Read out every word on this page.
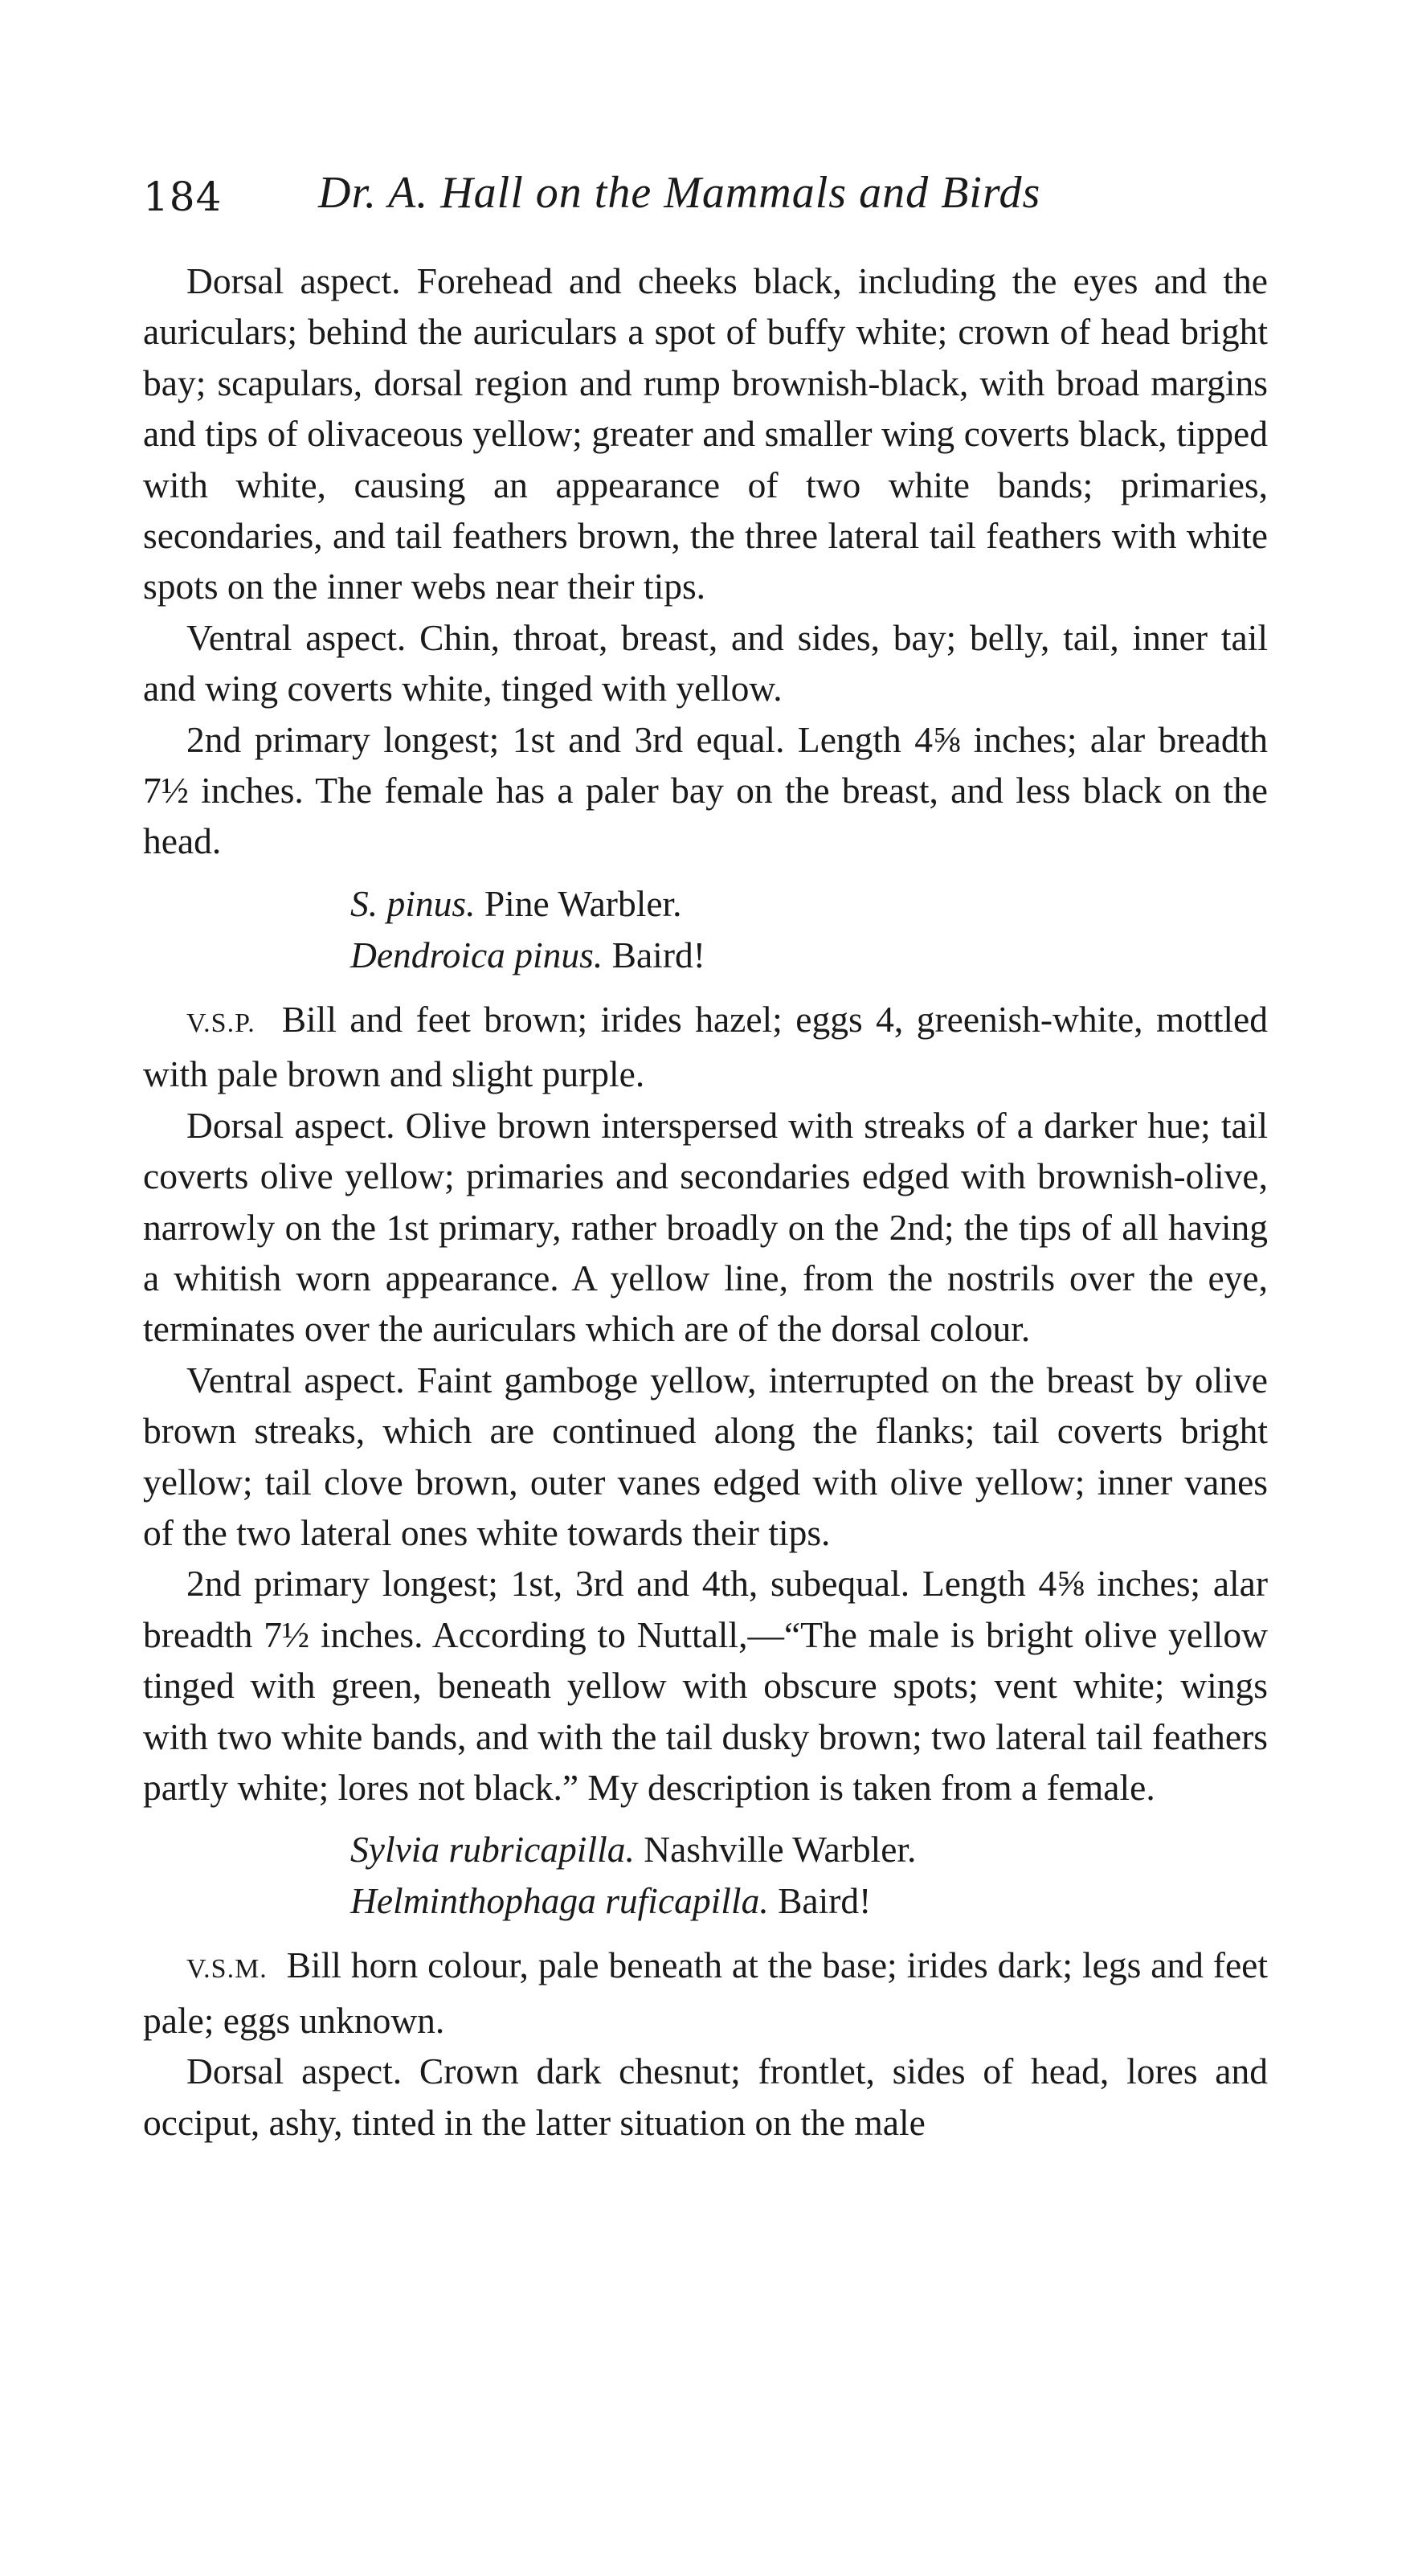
184 Dr. A. Hall on the Mammals and Birds

Dorsal aspect. Forehead and cheeks black, including the eyes and the auriculars; behind the auriculars a spot of buffy white; crown of head bright bay; scapulars, dorsal region and rump brownish-black, with broad margins and tips of olivaceous yellow; greater and smaller wing coverts black, tipped with white, causing an appearance of two white bands; primaries, secondaries, and tail feathers brown, the three lateral tail feathers with white spots on the inner webs near their tips.

Ventral aspect. Chin, throat, breast, and sides, bay; belly, tail, inner tail and wing coverts white, tinged with yellow.

2nd primary longest; 1st and 3rd equal. Length 4⅝ inches; alar breadth 7½ inches. The female has a paler bay on the breast, and less black on the head.

S. pinus. Pine Warbler.
Dendroica pinus. Baird!

V.S.P. Bill and feet brown; irides hazel; eggs 4, greenish-white, mottled with pale brown and slight purple.

Dorsal aspect. Olive brown interspersed with streaks of a darker hue; tail coverts olive yellow; primaries and secondaries edged with brownish-olive, narrowly on the 1st primary, rather broadly on the 2nd; the tips of all having a whitish worn appearance. A yellow line, from the nostrils over the eye, terminates over the auriculars which are of the dorsal colour.

Ventral aspect. Faint gamboge yellow, interrupted on the breast by olive brown streaks, which are continued along the flanks; tail coverts bright yellow; tail clove brown, outer vanes edged with olive yellow; inner vanes of the two lateral ones white towards their tips.

2nd primary longest; 1st, 3rd and 4th, subequal. Length 4⅝ inches; alar breadth 7½ inches. According to Nuttall,—“The male is bright olive yellow tinged with green, beneath yellow with obscure spots; vent white; wings with two white bands, and with the tail dusky brown; two lateral tail feathers partly white; lores not black.” My description is taken from a female.

Sylvia rubricapilla. Nashville Warbler.
Helminthophaga ruficapilla. Baird!

V.S.M. Bill horn colour, pale beneath at the base; irides dark; legs and feet pale; eggs unknown.

Dorsal aspect. Crown dark chesnut; frontlet, sides of head, lores and occiput, ashy, tinted in the latter situation on the male
